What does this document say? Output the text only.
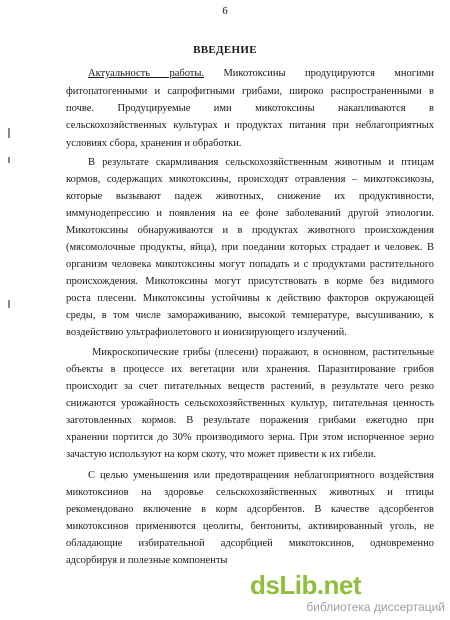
6
ВВЕДЕНИЕ
Актуальность работы. Микотоксины продуцируются многими
фитопатогенными и сапрофитными грибами, широко распространенными в
почве. Продуцируемые ими микотоксины накапливаются в
сельскохозяйственных культурах и продуктах питания при неблагоприятных
условиях сбора, хранения и обработки.
В результате скармливания сельскохозяйственным животным и птицам
кормов, содержащих микотоксины, происходят отравления – микотоксикозы,
которые вызывают падеж животных, снижение их продуктивности,
иммунодепрессию и появления на ее фоне заболеваний другой этиологии.
Микотоксины обнаруживаются и в продуктах животного происхождения
(мясомолочные продукты, яйца), при поедании которых страдает и человек. В
организм человека микотоксины могут попадать и с продуктами растительного
происхождения. Микотоксины могут присутствовать в корме без видимого
роста плесени. Микотоксины устойчивы к действию факторов окружающей
среды, в том числе замораживанию, высокой температуре, высушиванию, к
воздействию ультрафиолетового и ионизирующего излучений.
Микроскопические грибы (плесени) поражают, в основном, растительные
объекты в процессе их вегетации или хранения. Паразитирование грибов
происходит за счет питательных веществ растений, в результате чего резко
снижаются урожайность сельскохозяйственных культур, питательная ценность
заготовленных кормов. В результате поражения грибами ежегодно при
хранении портится до 30% производимого зерна. При этом испорченное зерно
зачастую используют на корм скоту, что может привести к их гибели.
С целью уменьшения или предотвращения неблагоприятного воздействия
микотоксинов на здоровье сельскохозяйственных животных и птицы
рекомендовано включение в корм адсорбентов. В качестве адсорбентов
микотоксинов применяются цеолиты, бентониты, активированный уголь, не
обладающие избирательной адсорбцией микотоксинов, одновременно
адсорбируя и полезные компоненты
dsLib.net
библиотека диссертаций
